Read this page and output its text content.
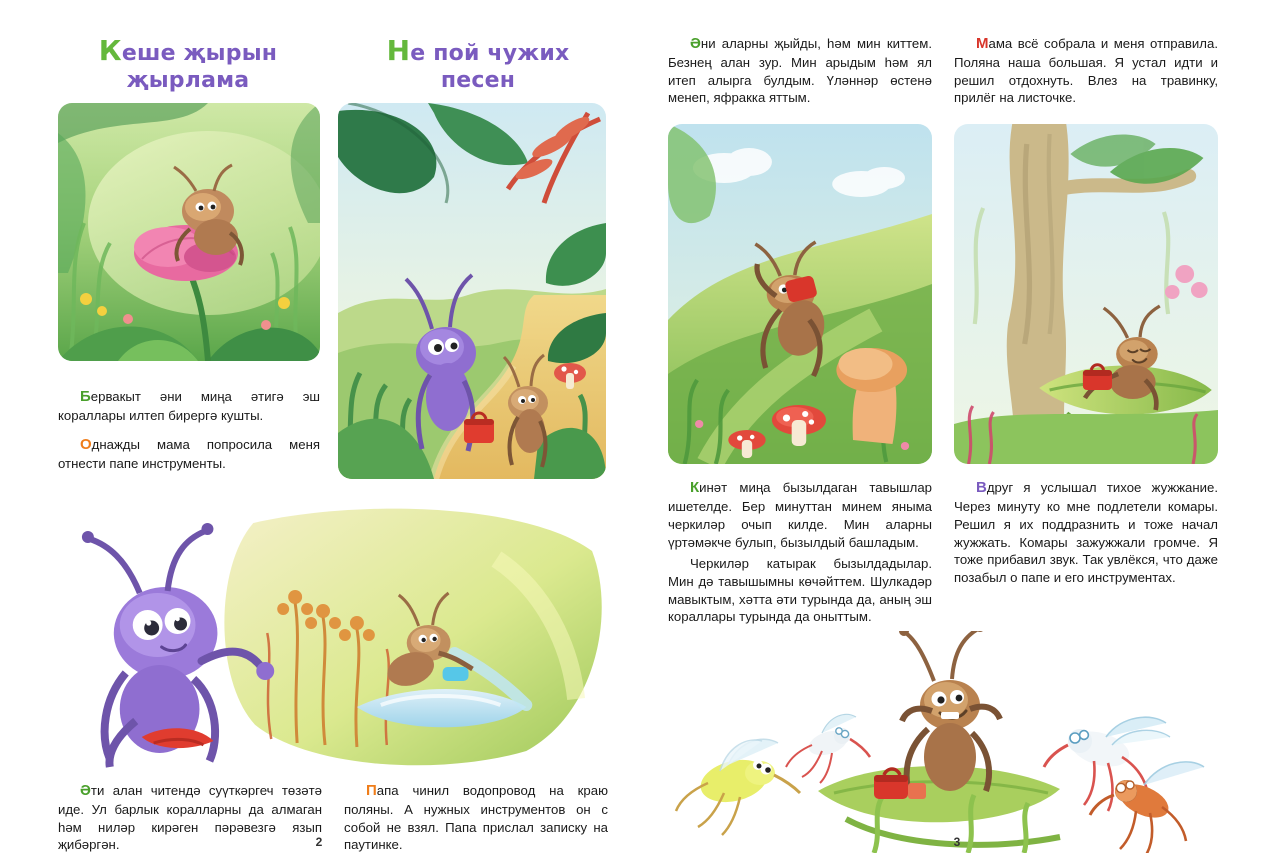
Кеше җырын
җырлама
Не пой чужих
песен

Бервакыт әни миңа әтигә эш кораллары илтеп бирергә кушты.

Однажды мама попросила меня отнести папе инструменты.

Әти алан читендә суүткәргеч төзәтә иде. Ул барлык коралларны да алмаган һәм ниләр кирәген пәрәвезгә язып җибәргән.

Папа чинил водопровод на краю поляны. А нужных инструментов он с собой не взял. Папа прислал записку на паутинке.

2

Әни аларны җыйды, һәм мин киттем. Безнең алан зур. Мин арыдым һәм ял итеп алырга булдым. Үләннәр өстенә менеп, яфракка яттым.

Мама всё собрала и меня отправила. Поляна наша большая. Я устал идти и решил отдохнуть. Влез на травинку, прилёг на листочке.

Кинәт миңа бызылдаган тавышлар ишетелде. Бер минуттан минем яныма черкиләр очып килде. Мин аларны үртәмәкче булып, бызылдый башладым.

Черкиләр катырак бызылдадылар. Мин дә тавышымны көчәйттем. Шулкадәр мавыктым, хәтта әти турында да, аның эш кораллары турында да оныттым.

Вдруг я услышал тихое жужжание. Через минуту ко мне подлетели комары. Решил я их поддразнить и тоже начал жужжать. Комары зажужжали громче. Я тоже прибавил звук. Так увлёкся, что даже позабыл о папе и его инструментах.

3
